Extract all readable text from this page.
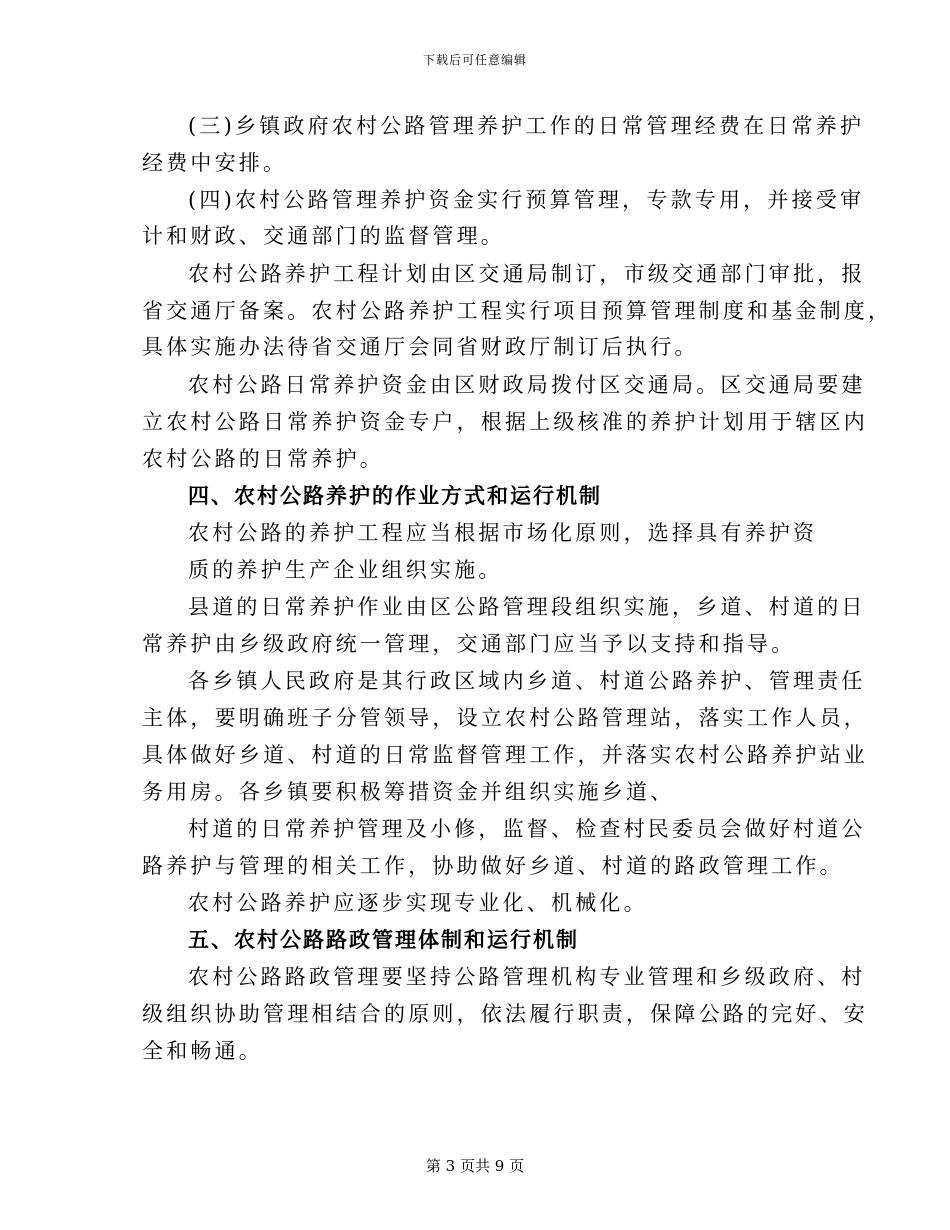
下载后可任意编辑
(三)乡镇政府农村公路管理养护工作的日常管理经费在日常养护
经费中安排。
(四)农村公路管理养护资金实行预算管理，专款专用，并接受审
计和财政、交通部门的监督管理。
农村公路养护工程计划由区交通局制订，市级交通部门审批，报
省交通厅备案。农村公路养护工程实行项目预算管理制度和基金制度，
具体实施办法待省交通厅会同省财政厅制订后执行。
农村公路日常养护资金由区财政局拨付区交通局。区交通局要建
立农村公路日常养护资金专户，根据上级核准的养护计划用于辖区内
农村公路的日常养护。
四、农村公路养护的作业方式和运行机制
农村公路的养护工程应当根据市场化原则，选择具有养护资
质的养护生产企业组织实施。
县道的日常养护作业由区公路管理段组织实施，乡道、村道的日
常养护由乡级政府统一管理，交通部门应当予以支持和指导。
各乡镇人民政府是其行政区域内乡道、村道公路养护、管理责任
主体，要明确班子分管领导，设立农村公路管理站，落实工作人员，
具体做好乡道、村道的日常监督管理工作，并落实农村公路养护站业
务用房。各乡镇要积极筹措资金并组织实施乡道、
村道的日常养护管理及小修，监督、检查村民委员会做好村道公
路养护与管理的相关工作，协助做好乡道、村道的路政管理工作。
农村公路养护应逐步实现专业化、机械化。
五、农村公路路政管理体制和运行机制
农村公路路政管理要坚持公路管理机构专业管理和乡级政府、村
级组织协助管理相结合的原则，依法履行职责，保障公路的完好、安
全和畅通。
第 3 页共 9 页
